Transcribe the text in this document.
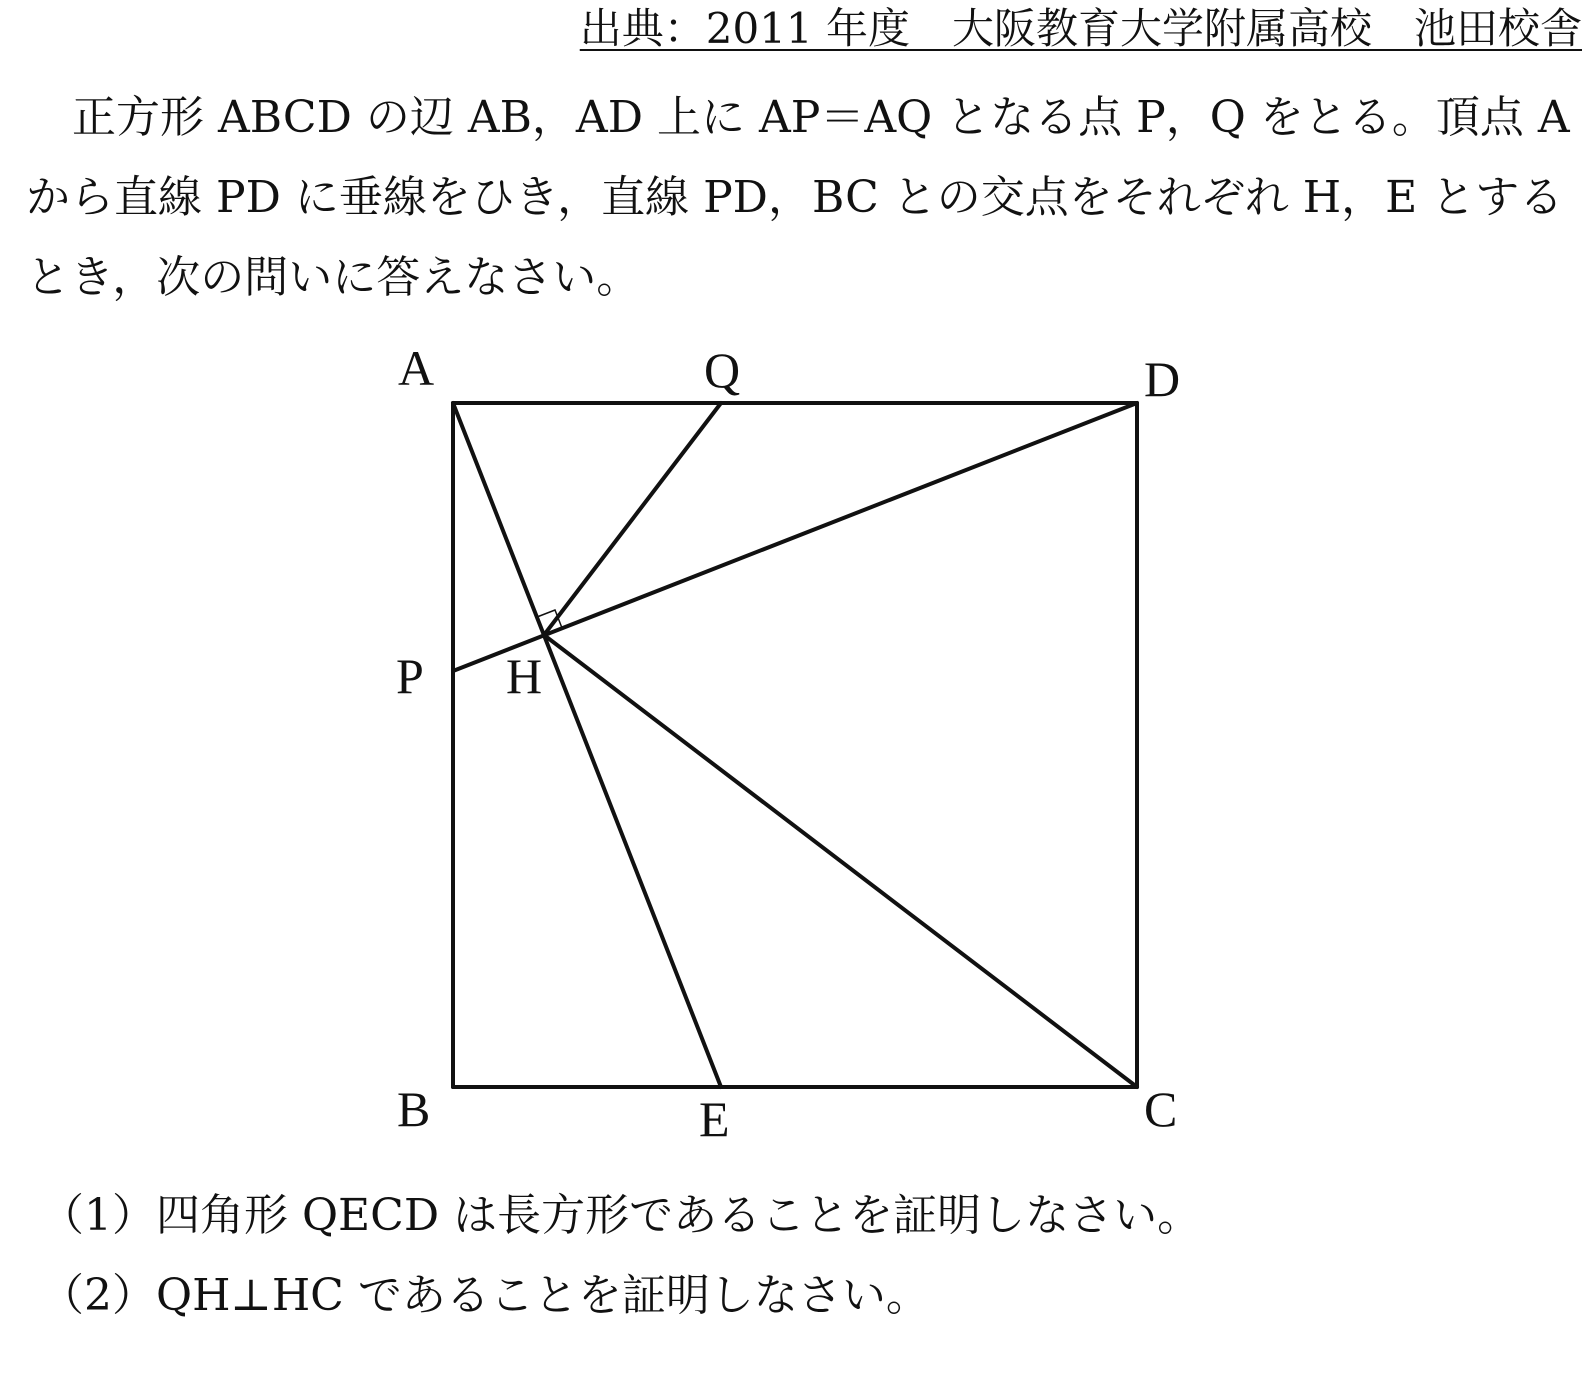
出典：2011 年度　大阪教育大学附属高校　池田校舎

正方形 ABCD の辺 AB，AD 上に AP＝AQ となる点 P，Q をとる。頂点 A
から直線 PD に垂線をひき，直線 PD，BC との交点をそれぞれ H，E とする
とき，次の問いに答えなさい。

A	Q	D
P H
B	E	C

（1）四角形 QECD は長方形であることを証明しなさい。
（2）QH⊥HC であることを証明しなさい。
